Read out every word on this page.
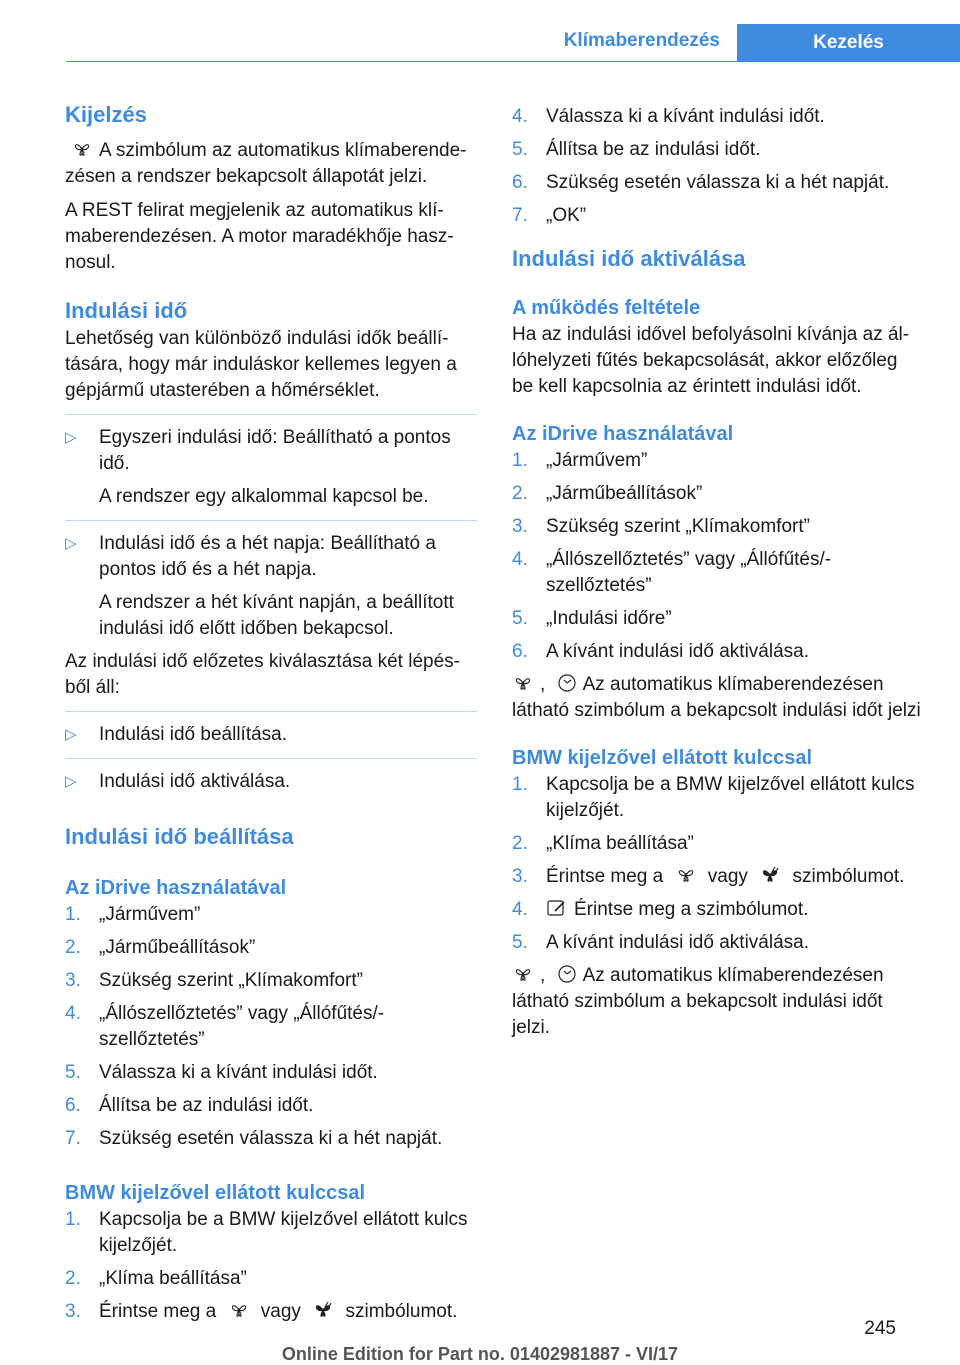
Klímaberendezés	Kezelés
Kijelzés

A szimbólum az automatikus klímaberende-zésen a rendszer bekapcsolt állapotát jelzi.

A REST felirat megjelenik az automatikus klí-maberendezésen. A motor maradékhője hasz-nosul.

Indulási idő

Lehetőség van különböző indulási idők beállí-tására, hogy már induláskor kellemes legyen a gépjármű utasterében a hőmérséklet.

▷	Egyszeri indulási idő: Beállítható a pontos idő.
A rendszer egy alkalommal kapcsol be.
▷	Indulási idő és a hét napja: Beállítható a pontos idő és a hét napja.
A rendszer a hét kívánt napján, a beállított indulási idő előtt időben bekapcsol.

Az indulási idő előzetes kiválasztása két lépés-ből áll:

▷	Indulási idő beállítása.
▷	Indulási idő aktiválása.
Indulási idő beállítása
Az iDrive használatával
1. „Járművem”
2. „Járműbeállítások”
3. Szükség szerint „Klímakomfort”
4. „Állószellőztetés” vagy „Állófűtés/-szellőztetés”
5. Válassza ki a kívánt indulási időt.
6. Állítsa be az indulási időt.
7. Szükség esetén válassza ki a hét napját.
BMW kijelzővel ellátott kulccsal
1. Kapcsolja be a BMW kijelzővel ellátott kulcs kijelzőjét.
2. „Klíma beállítása”
3. Érintse meg a vagy szimbólumot.
4. Válassza ki a kívánt indulási időt.
5. Állítsa be az indulási időt.
6. Szükség esetén válassza ki a hét napját.
7. „OK”
Indulási idő aktiválása
A működés feltétele

Ha az indulási idővel befolyásolni kívánja az ál-lóhelyzeti fűtés bekapcsolását, akkor előzőleg be kell kapcsolnia az érintett indulási időt.

Az iDrive használatával
1. „Járművem”
2. „Járműbeállítások”
3. Szükség szerint „Klímakomfort”
4. „Állószellőztetés” vagy „Állófűtés/-szellőztetés”
5. „Indulási időre”
6. A kívánt indulási idő aktiválása.

, Az automatikus klímaberendezésen látható szimbólum a bekapcsolt indulási időt jelzi

BMW kijelzővel ellátott kulccsal
1. Kapcsolja be a BMW kijelzővel ellátott kulcs kijelzőjét.
2. „Klíma beállítása”
3. Érintse meg a vagy szimbólumot.
4.	Érintse meg a szimbólumot.
5. A kívánt indulási idő aktiválása.

, Az automatikus klímaberendezésen látható szimbólum a bekapcsolt indulási időt jelzi.

245
Online Edition for Part no. 01402981887 - VI/17
